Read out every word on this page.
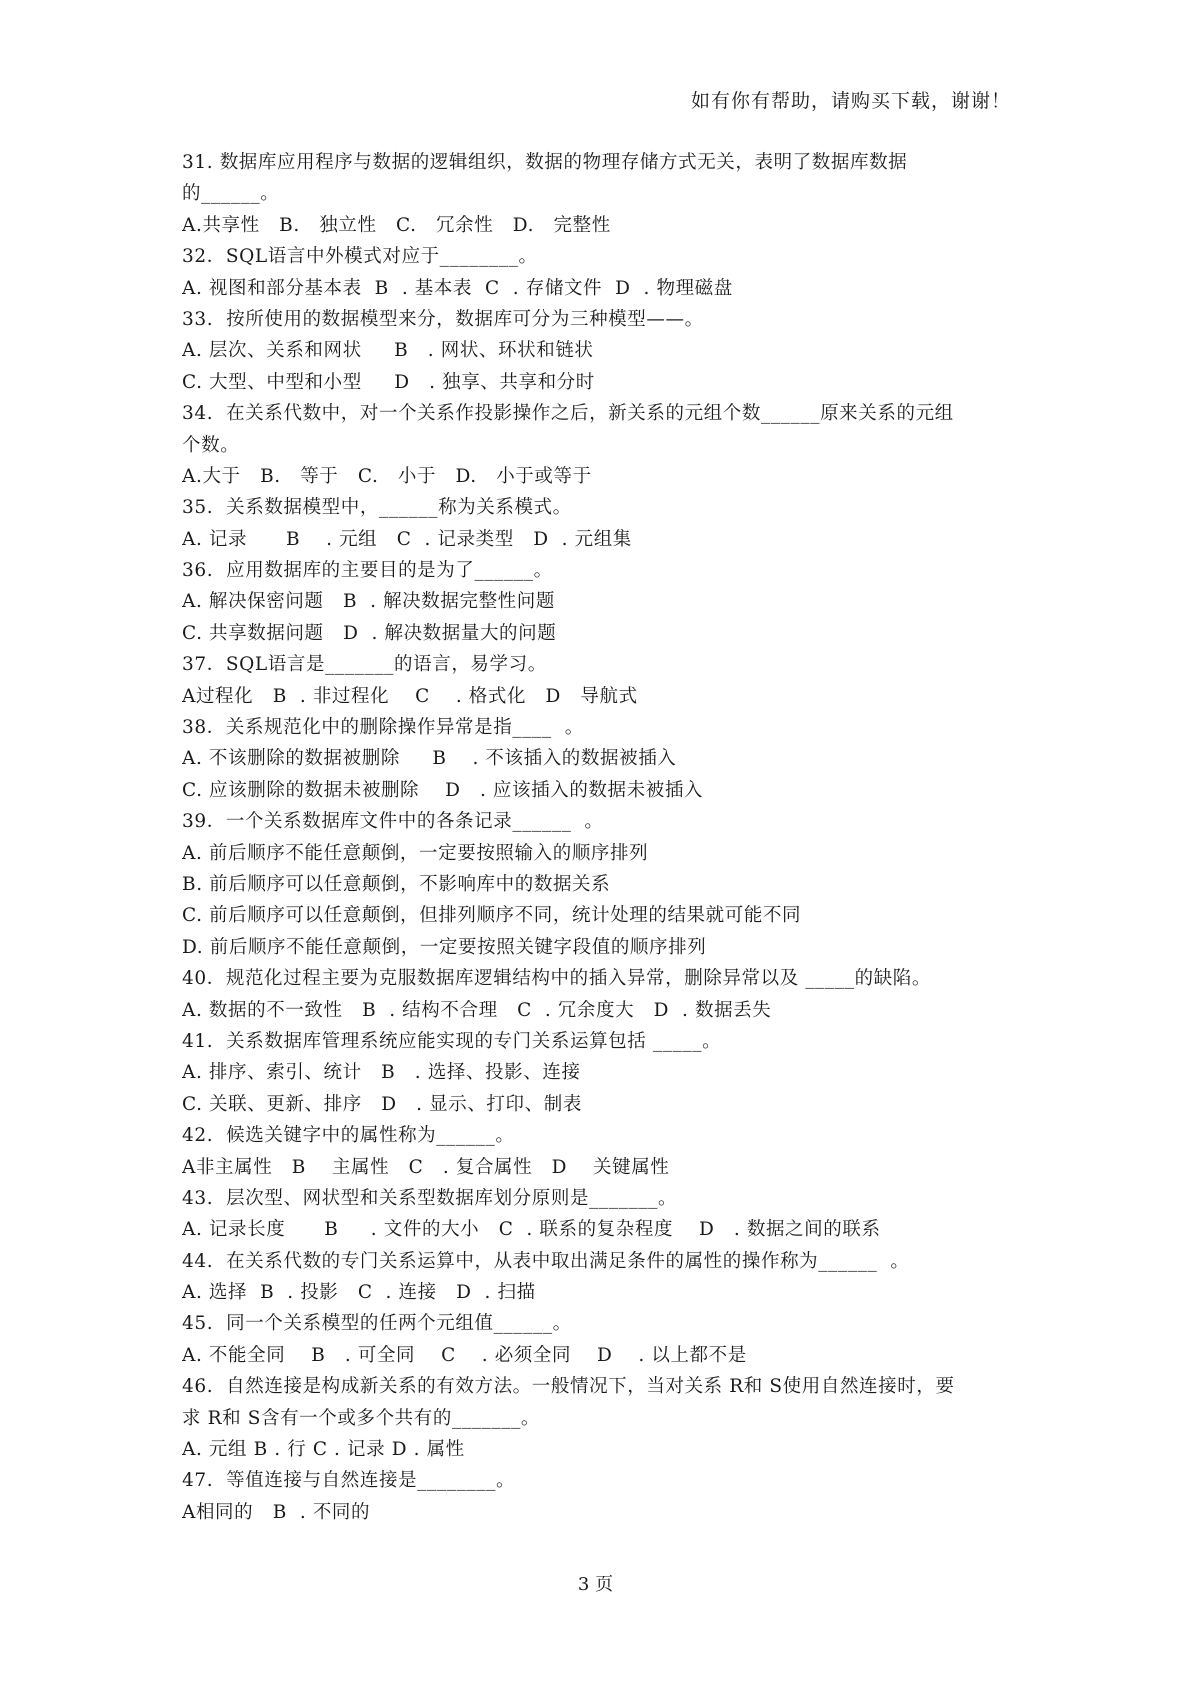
如有你有帮助，请购买下载，谢谢！
31. 数据库应用程序与数据的逻辑组织，数据的物理存储方式无关，表明了数据库数据
的______。
A.共享性   B.   独立性   C.   冗余性   D.   完整性
32．SQL语言中外模式对应于________。
A. 视图和部分基本表  B  . 基本表  C  . 存储文件  D  . 物理磁盘
33.  按所使用的数据模型来分，数据库可分为三种模型——。
A. 层次、关系和网状     B   . 网状、环状和链状
C. 大型、中型和小型     D   . 独享、共享和分时
34.  在关系代数中，对一个关系作投影操作之后，新关系的元组个数______原来关系的元组
个数。
A.大于   B.   等于   C.   小于   D.   小于或等于
35.  关系数据模型中，______称为关系模式。
A. 记录      B    . 元组   C  . 记录类型   D  . 元组集
36.  应用数据库的主要目的是为了______。
A. 解决保密问题   B  . 解决数据完整性问题
C. 共享数据问题   D  . 解决数据量大的问题
37．SQL语言是_______的语言，易学习。
A过程化   B  . 非过程化    C    . 格式化   D   导航式
38．关系规范化中的删除操作异常是指____  。
A. 不该删除的数据被删除     B    . 不该插入的数据被插入
C. 应该删除的数据未被删除    D   . 应该插入的数据未被插入
39．一个关系数据库文件中的各条记录______  。
A. 前后顺序不能任意颠倒，一定要按照输入的顺序排列
B. 前后顺序可以任意颠倒，不影响库中的数据关系
C. 前后顺序可以任意颠倒，但排列顺序不同，统计处理的结果就可能不同
D. 前后顺序不能任意颠倒，一定要按照关键字段值的顺序排列
40．规范化过程主要为克服数据库逻辑结构中的插入异常，删除异常以及 _____的缺陷。
A. 数据的不一致性   B  . 结构不合理   C  . 冗余度大   D  . 数据丢失
41.  关系数据库管理系统应能实现的专门关系运算包括 _____。
A. 排序、索引、统计   B   . 选择、投影、连接
C. 关联、更新、排序   D   . 显示、打印、制表
42.  候选关键字中的属性称为______。
A非主属性   B    主属性   C   . 复合属性   D    关键属性
43.  层次型、网状型和关系型数据库划分原则是_______。
A. 记录长度      B     . 文件的大小   C  . 联系的复杂程度    D   . 数据之间的联系
44.  在关系代数的专门关系运算中，从表中取出满足条件的属性的操作称为______  。
A. 选择  B  . 投影   C  . 连接   D  . 扫描
45.  同一个关系模型的任两个元组值______。
A. 不能全同    B   . 可全同    C    . 必须全同    D    . 以上都不是
46.  自然连接是构成新关系的有效方法。一般情况下，当对关系 R和 S使用自然连接时，要
求 R和 S含有一个或多个共有的_______。
A. 元组 B . 行 C . 记录 D . 属性
47.  等值连接与自然连接是________。
A相同的   B  . 不同的
3 页
